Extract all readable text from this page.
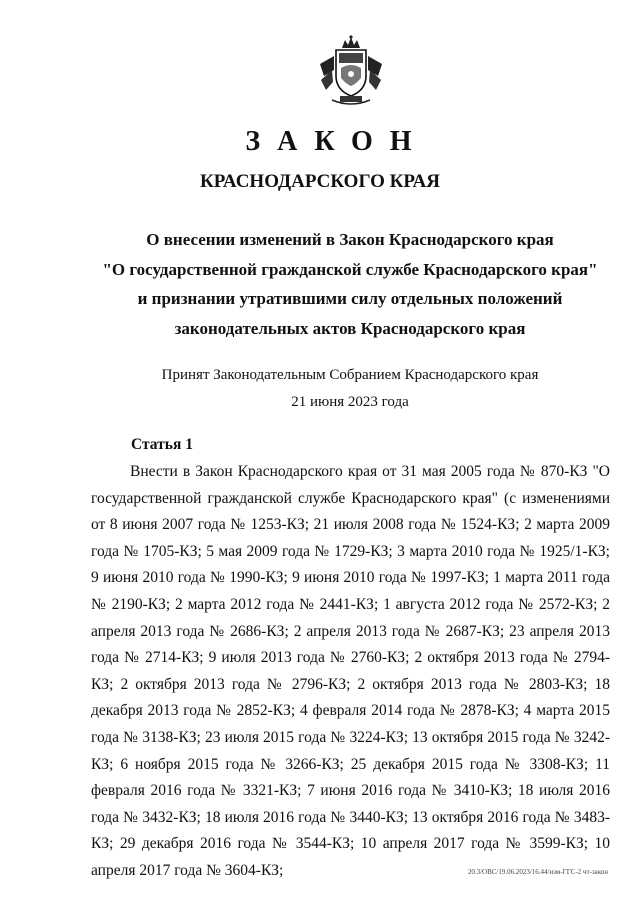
ЗАКОН
КРАСНОДАРСКОГО КРАЯ
О внесении изменений в Закон Краснодарского края
"О государственной гражданской службе Краснодарского края"
и признании утратившими силу отдельных положений
законодательных актов Краснодарского края
Принят Законодательным Собранием Краснодарского края
21 июня 2023 года
Статья 1

Внести в Закон Краснодарского края от 31 мая 2005 года № 870-КЗ "О государственной гражданской службе Краснодарского края" (с изменениями от 8 июня 2007 года № 1253-КЗ; 21 июля 2008 года № 1524-КЗ; 2 марта 2009 года № 1705-КЗ; 5 мая 2009 года № 1729-КЗ; 3 марта 2010 года № 1925/1-КЗ; 9 июня 2010 года № 1990-КЗ; 9 июня 2010 года № 1997-КЗ; 1 марта 2011 года № 2190-КЗ; 2 марта 2012 года № 2441-КЗ; 1 августа 2012 года № 2572-КЗ; 2 апреля 2013 года № 2686-КЗ; 2 апреля 2013 года № 2687-КЗ; 23 апреля 2013 года № 2714-КЗ; 9 июля 2013 года № 2760-КЗ; 2 октября 2013 года № 2794-КЗ; 2 октября 2013 года № 2796-КЗ; 2 октября 2013 года № 2803-КЗ; 18 декабря 2013 года № 2852-КЗ; 4 февраля 2014 года № 2878-КЗ; 4 марта 2015 года № 3138-КЗ; 23 июля 2015 года № 3224-КЗ; 13 октября 2015 года № 3242-КЗ; 6 ноября 2015 года № 3266-КЗ; 25 декабря 2015 года № 3308-КЗ; 11 февраля 2016 года № 3321-КЗ; 7 июня 2016 года № 3410-КЗ; 18 июля 2016 года № 3432-КЗ; 18 июля 2016 года № 3440-КЗ; 13 октября 2016 года № 3483-КЗ; 29 декабря 2016 года № 3544-КЗ; 10 апреля 2017 года № 3599-КЗ; 10 апреля 2017 года № 3604-КЗ;	20.3/ОВС/19.06.2023/16.44/изм-ГГС-2 чт-закон
